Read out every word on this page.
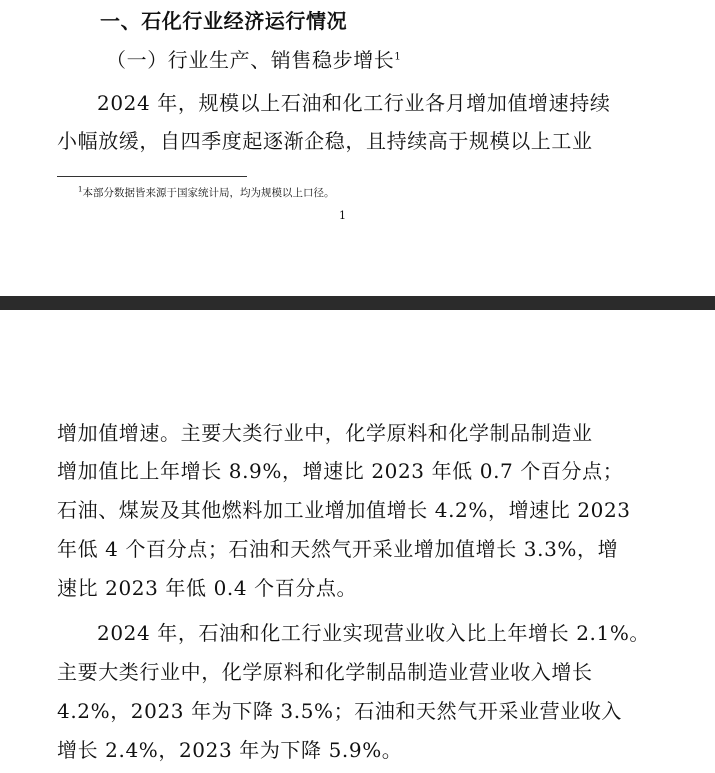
一、石化行业经济运行情况
（一）行业生产、销售稳步增长$^1$
2024 年，规模以上石油和化工行业各月增加值增速持续
小幅放缓，自四季度起逐渐企稳，且持续高于规模以上工业
$^1$本部分数据皆来源于国家统计局，均为规模以上口径。
1
增加值增速。主要大类行业中，化学原料和化学制品制造业
增加值比上年增长 8.9%，增速比 2023 年低 0.7 个百分点；
石油、煤炭及其他燃料加工业增加值增长 4.2%，增速比 2023
年低 4 个百分点；石油和天然气开采业增加值增长 3.3%，增
速比 2023 年低 0.4 个百分点。
2024 年，石油和化工行业实现营业收入比上年增长 2.1%。
主要大类行业中，化学原料和化学制品制造业营业收入增长
4.2%，2023 年为下降 3.5%；石油和天然气开采业营业收入
增长 2.4%，2023 年为下降 5.9%。
